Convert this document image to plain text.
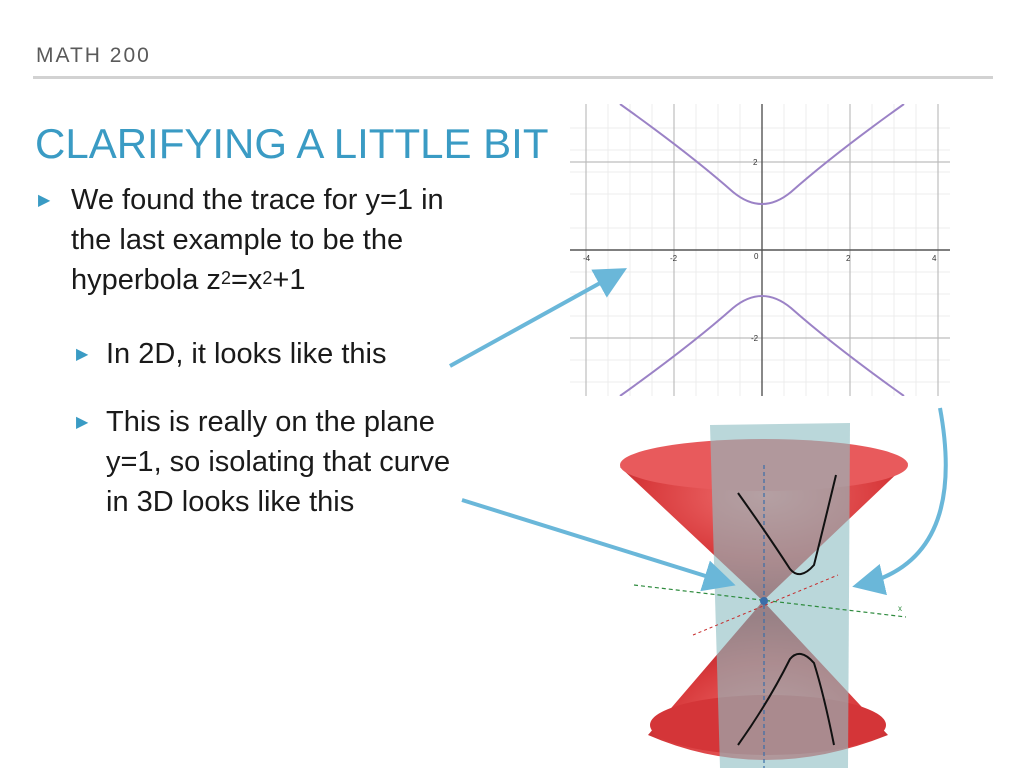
MATH 200
CLARIFYING A LITTLE BIT
▶ We found the trace for y=1 in the last example to be the hyperbola $z^2=x^2+1$
▶ In 2D, it looks like this
▶ This is really on the plane y=1, so isolating that curve in 3D looks like this
-4	-2	0	2	4
2
-2
x
